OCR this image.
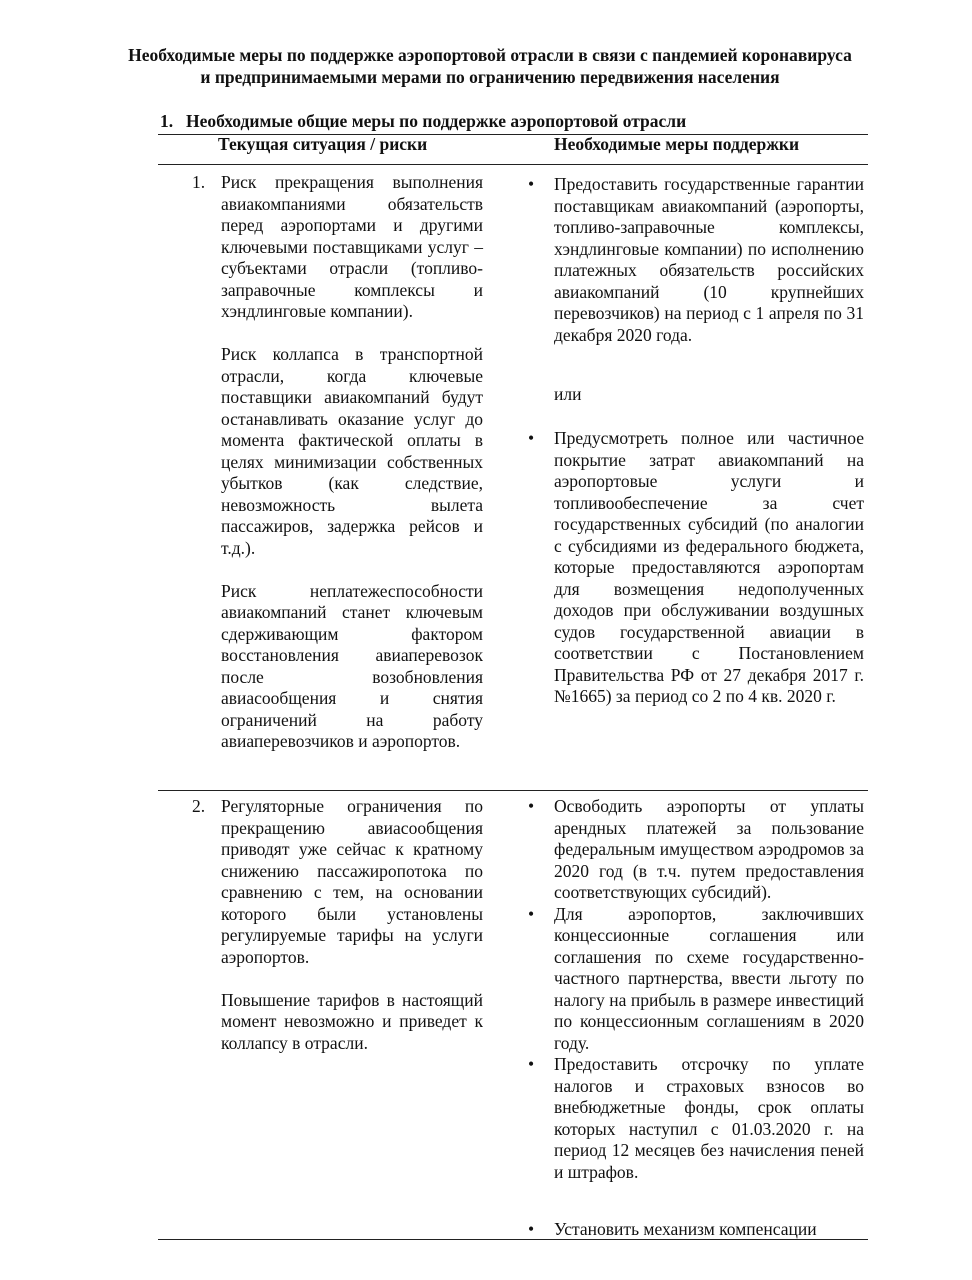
Необходимые меры по поддержке аэропортовой отрасли в связи с пандемией коронавируса
и предпринимаемыми мерами по ограничению передвижения населения
1. Необходимые общие меры по поддержке аэропортовой отрасли
Текущая ситуация / риски	Необходимые меры поддержки
1. Риск прекращения выполнения авиакомпаниями обязательств перед аэропортами и другими ключевыми поставщиками услуг – субъектами отрасли (топливо-заправочные комплексы и хэндлинговые компании).

Риск коллапса в транспортной отрасли, когда ключевые поставщики авиакомпаний будут останавливать оказание услуг до момента фактической оплаты в целях минимизации собственных убытков (как следствие, невозможность вылета пассажиров, задержка рейсов и т.д.).

Риск неплатежеспособности авиакомпаний станет ключевым сдерживающим фактором восстановления авиаперевозок после возобновления авиасообщения и снятия ограничений на работу авиаперевозчиков и аэропортов.

• Предоставить государственные гарантии поставщикам авиакомпаний (аэропорты, топливо-заправочные комплексы, хэндлинговые компании) по исполнению платежных обязательств российских авиакомпаний (10 крупнейших перевозчиков) на период с 1 апреля по 31 декабря 2020 года.
или
• Предусмотреть полное или частичное покрытие затрат авиакомпаний на аэропортовые услуги и топливообеспечение за счет государственных субсидий (по аналогии с субсидиями из федерального бюджета, которые предоставляются аэропортам для возмещения недополученных доходов при обслуживании воздушных судов государственной авиации в соответствии с Постановлением Правительства РФ от 27 декабря 2017 г. №1665) за период со 2 по 4 кв. 2020 г.
2. Регуляторные ограничения по прекращению авиасообщения приводят уже сейчас к кратному снижению пассажиропотока по сравнению с тем, на основании которого были установлены регулируемые тарифы на услуги аэропортов.

Повышение тарифов в настоящий момент невозможно и приведет к коллапсу в отрасли.

• Освободить аэропорты от уплаты арендных платежей за пользование федеральным имуществом аэродромов за 2020 год (в т.ч. путем предоставления соответствующих субсидий).
• Для аэропортов, заключивших концессионные соглашения или соглашения по схеме государственно-частного партнерства, ввести льготу по налогу на прибыль в размере инвестиций по концессионным соглашениям в 2020 году.
• Предоставить отсрочку по уплате налогов и страховых взносов во внебюджетные фонды, срок оплаты которых наступил с 01.03.2020 г. на период 12 месяцев без начисления пеней и штрафов.
• Установить механизм компенсации
